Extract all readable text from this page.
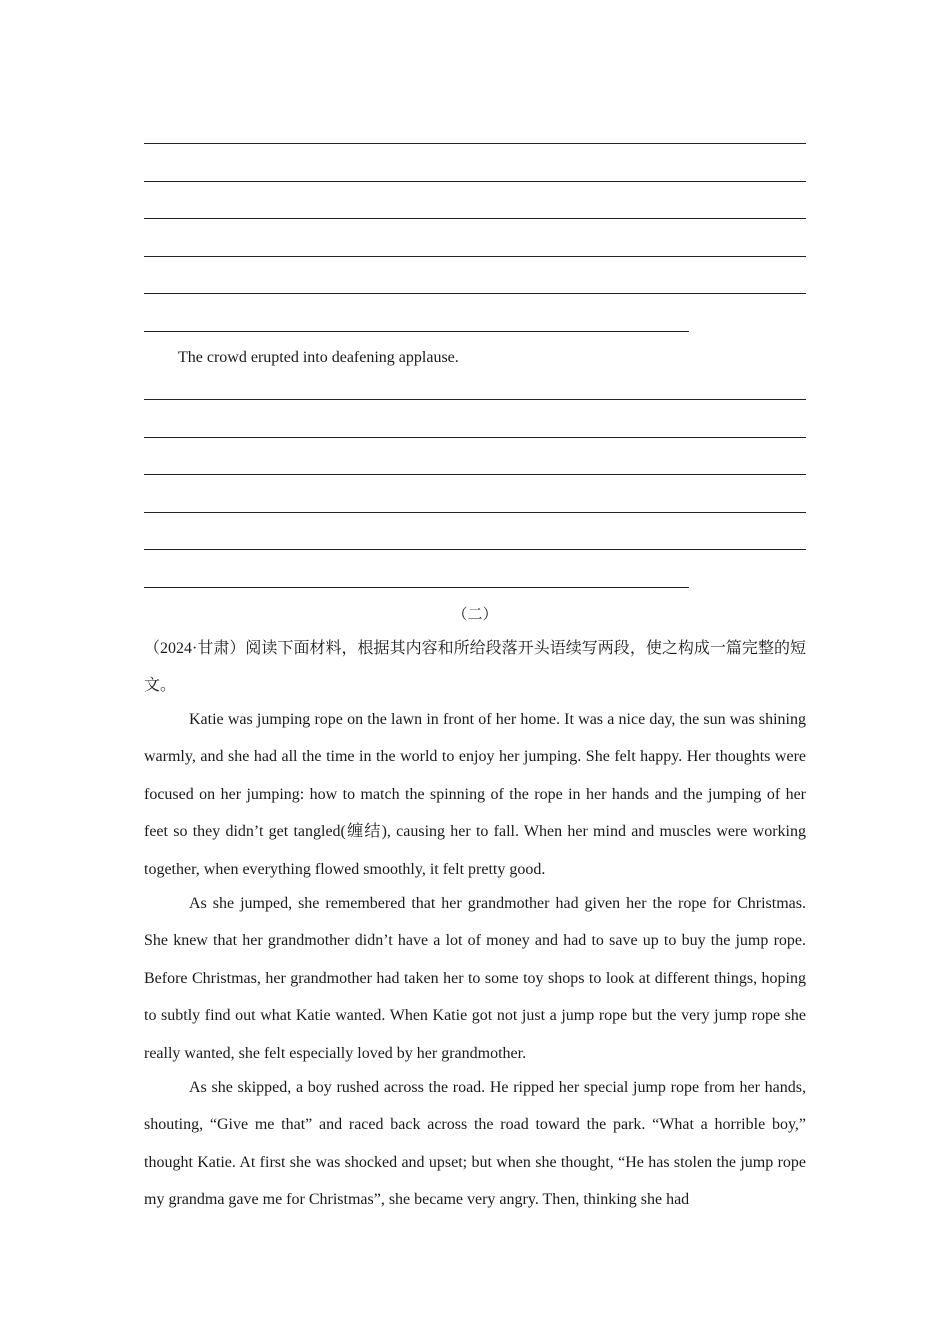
The crowd erupted into deafening applause.
（二）
（2024·甘肃）阅读下面材料，根据其内容和所给段落开头语续写两段，使之构成一篇完整的短文。
Katie was jumping rope on the lawn in front of her home. It was a nice day, the sun was shining warmly, and she had all the time in the world to enjoy her jumping. She felt happy. Her thoughts were focused on her jumping: how to match the spinning of the rope in her hands and the jumping of her feet so they didn’t get tangled(缠结), causing her to fall. When her mind and muscles were working together, when everything flowed smoothly, it felt pretty good.
As she jumped, she remembered that her grandmother had given her the rope for Christmas. She knew that her grandmother didn’t have a lot of money and had to save up to buy the jump rope. Before Christmas, her grandmother had taken her to some toy shops to look at different things, hoping to subtly find out what Katie wanted. When Katie got not just a jump rope but the very jump rope she really wanted, she felt especially loved by her grandmother.
As she skipped, a boy rushed across the road. He ripped her special jump rope from her hands, shouting, “Give me that” and raced back across the road toward the park. “What a horrible boy,” thought Katie. At first she was shocked and upset; but when she thought, “He has stolen the jump rope my grandma gave me for Christmas”, she became very angry. Then, thinking she had
